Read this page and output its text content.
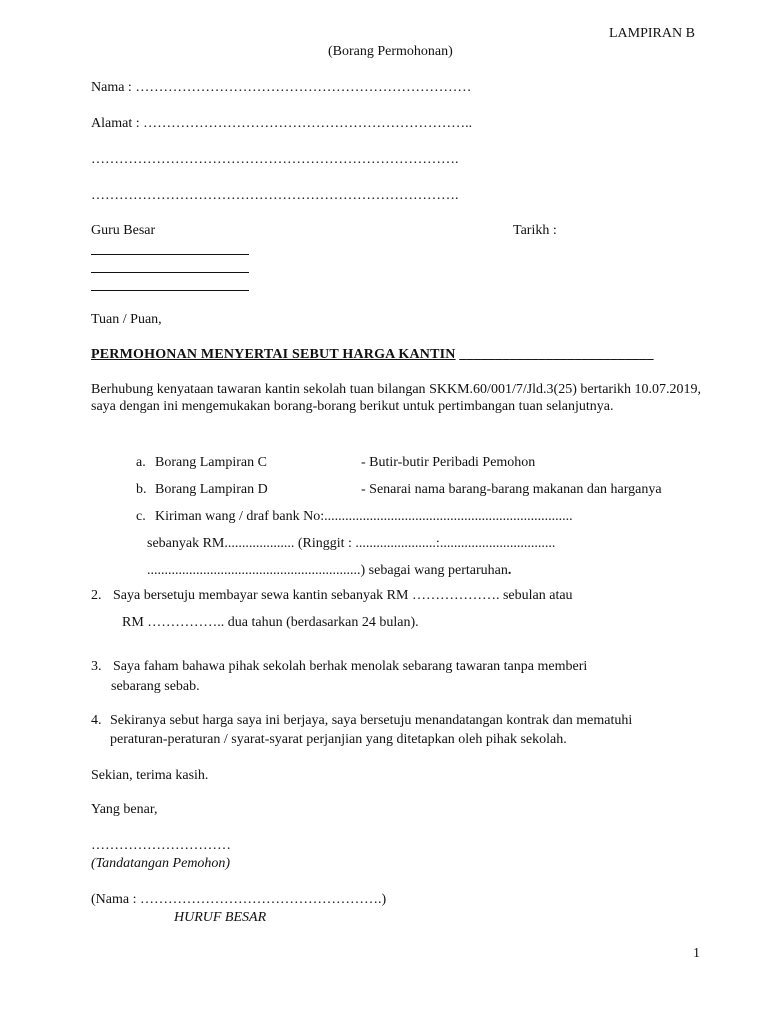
LAMPIRAN B
(Borang Permohonan)
Nama : ………………………………………………………………
Alamat : ……………………………………………………………..
…………………………………………………………………….
…………………………………………………………………….
Guru Besar	Tarikh :
Tuan / Puan,
PERMOHONAN MENYERTAI SEBUT HARGA KANTIN ___________________________
Berhubung kenyataan tawaran kantin sekolah tuan bilangan SKKM.60/001/7/Jld.3(25) bertarikh 10.07.2019, saya dengan ini mengemukakan borang-borang berikut untuk pertimbangan tuan selanjutnya.
a. Borang Lampiran C	- Butir-butir Peribadi Pemohon
b. Borang Lampiran D	- Senarai nama barang-barang makanan dan harganya
c. Kiriman wang / draf bank No:.......................................................................
sebanyak RM.................... (Ringgit : .......................:.................................
.............................................................) sebagai wang pertaruhan.
2. Saya bersetuju membayar sewa kantin sebanyak RM ………………. sebulan atau
RM …………….. dua tahun (berdasarkan 24 bulan).
3. Saya faham bahawa pihak sekolah berhak menolak sebarang tawaran tanpa memberi
sebarang sebab.
4. Sekiranya sebut harga saya ini berjaya, saya bersetuju menandatangan kontrak dan mematuhi
peraturan-peraturan / syarat-syarat perjanjian yang ditetapkan oleh pihak sekolah.
Sekian, terima kasih.
Yang benar,
…………………………
(Tandatangan Pemohon)
(Nama : …………………………………………….)
HURUF BESAR
1
